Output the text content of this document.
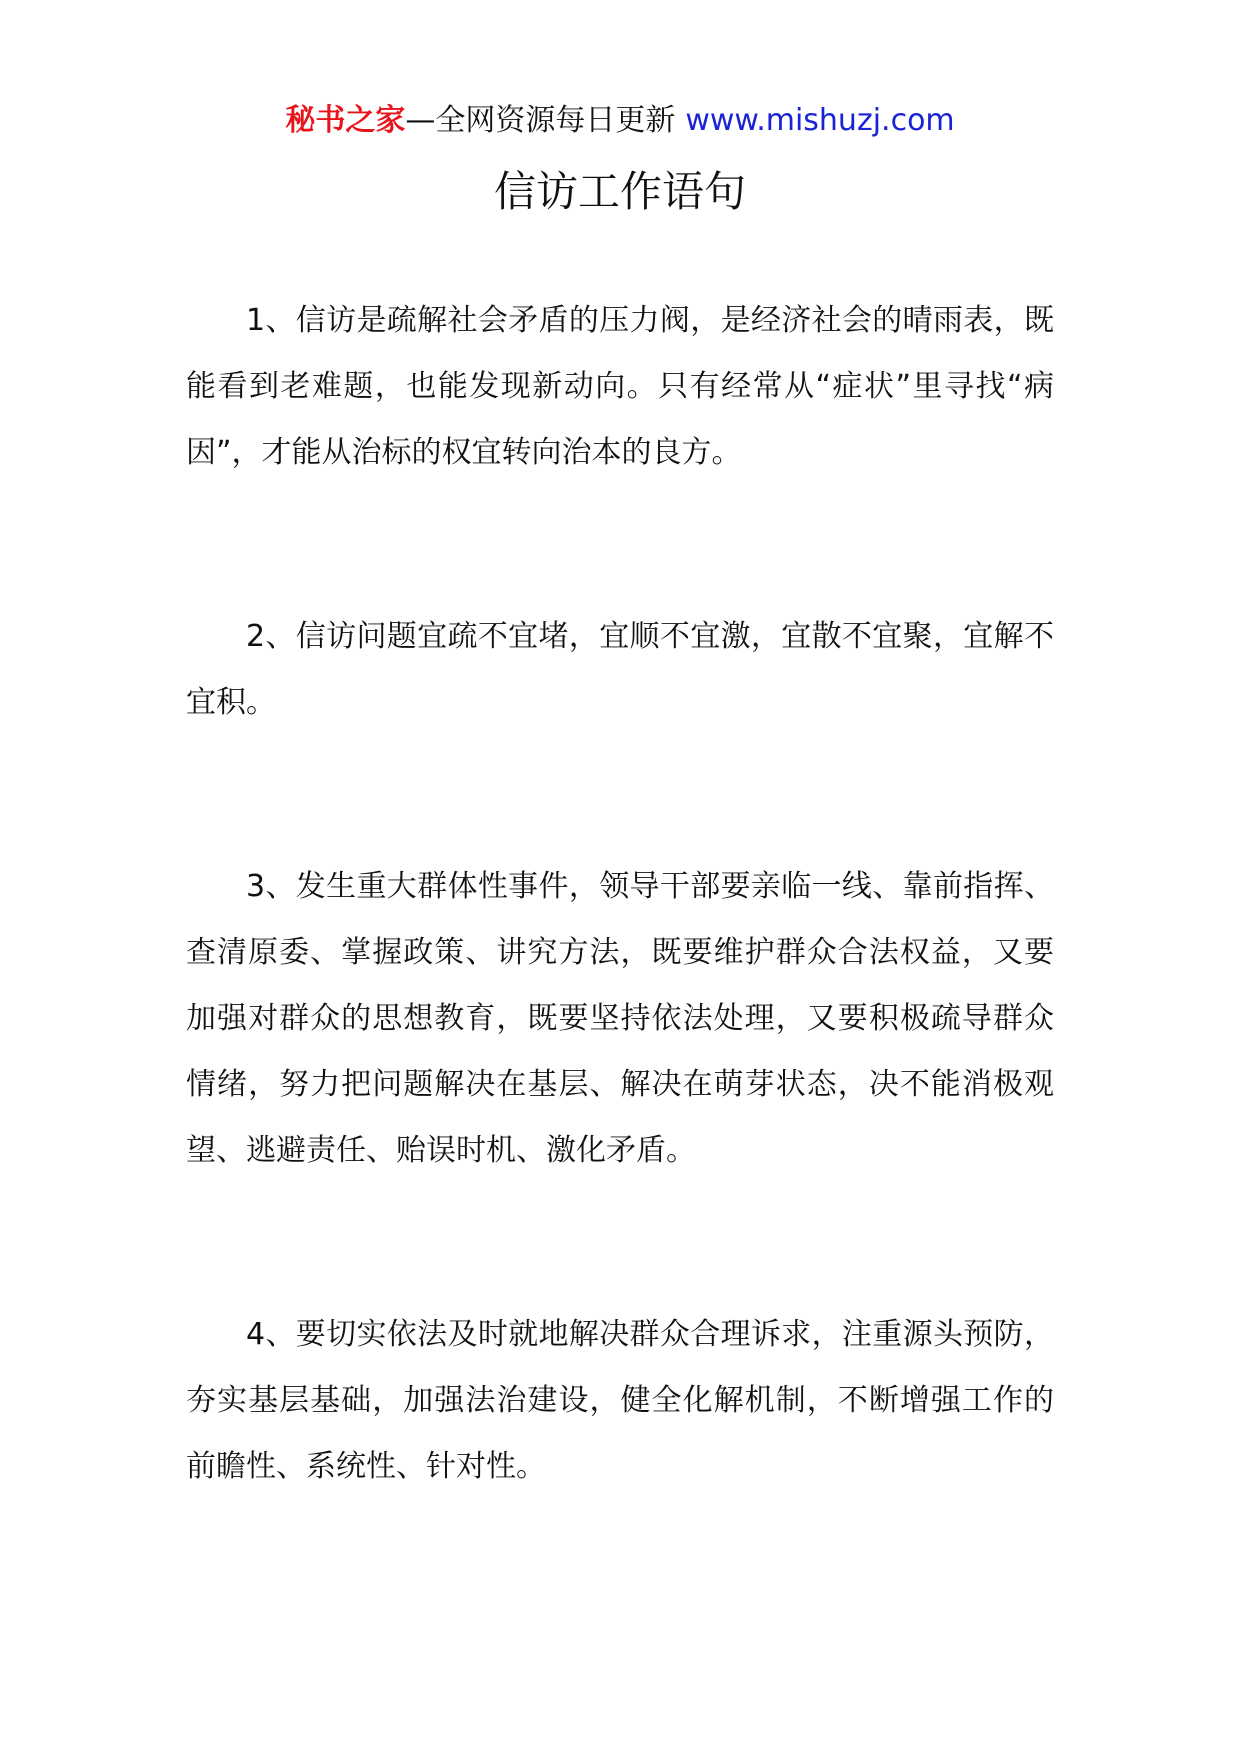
秘书之家—全网资源每日更新 www.mishuzj.com
信访工作语句

1、信访是疏解社会矛盾的压力阀，是经济社会的晴雨表，既能看到老难题，也能发现新动向。只有经常从“症状”里寻找“病因”，才能从治标的权宜转向治本的良方。

2、信访问题宜疏不宜堵，宜顺不宜激，宜散不宜聚，宜解不宜积。

3、发生重大群体性事件，领导干部要亲临一线、靠前指挥、查清原委、掌握政策、讲究方法，既要维护群众合法权益，又要加强对群众的思想教育，既要坚持依法处理，又要积极疏导群众情绪，努力把问题解决在基层、解决在萌芽状态，决不能消极观望、逃避责任、贻误时机、激化矛盾。

4、要切实依法及时就地解决群众合理诉求，注重源头预防，夯实基层基础，加强法治建设，健全化解机制，不断增强工作的前瞻性、系统性、针对性。
